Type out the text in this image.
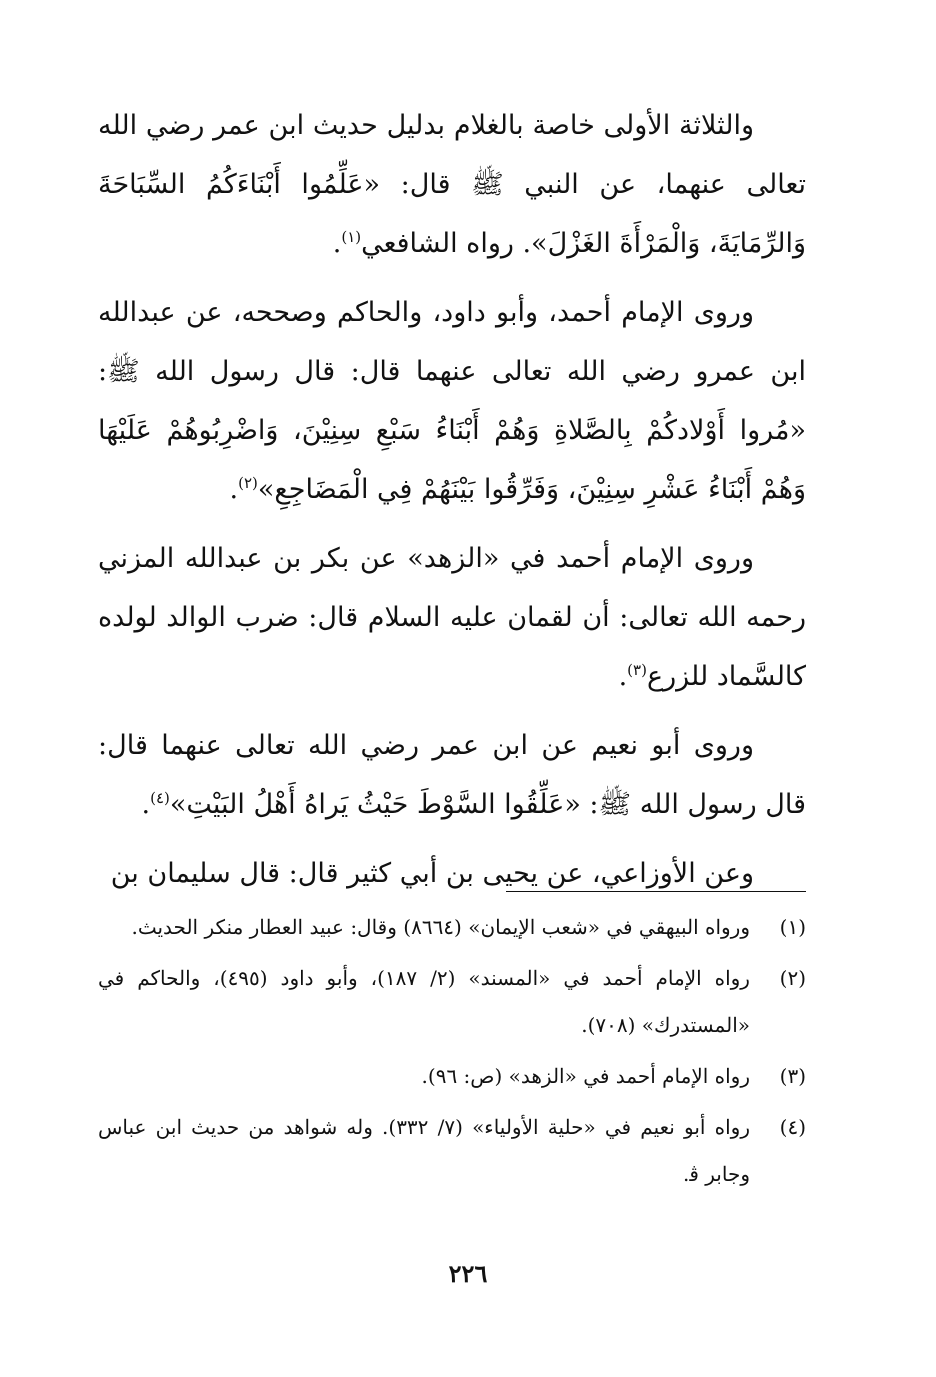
والثلاثة الأولى خاصة بالغلام بدليل حديث ابن عمر رضي الله تعالى عنهما، عن النبي ﷺ قال: «عَلِّمُوا أَبْنَاءَكُمُ السِّبَاحَةَ وَالرِّمَايَةَ، وَالْمَرْأَةَ الغَزْلَ». رواه الشافعي$^{(١)}$.

وروى الإمام أحمد، وأبو داود، والحاكم وصححه، عن عبدالله ابن عمرو رضي الله تعالى عنهما قال: قال رسول الله ﷺ: «مُروا أَوْلادكُمْ بِالصَّلاةِ وَهُمْ أَبْنَاءُ سَبْعِ سِنِيْنَ، وَاضْرِبُوهُمْ عَلَيْهَا وَهُمْ أَبْنَاءُ عَشْرِ سِنِيْنَ، وَفَرِّقُوا بَيْنَهُمْ فِي الْمَضَاجِعِ»$^{(٢)}$.

وروى الإمام أحمد في «الزهد» عن بكر بن عبدالله المزني رحمه الله تعالى: أن لقمان عليه السلام قال: ضرب الوالد لولده كالسَّماد للزرع$^{(٣)}$.

وروى أبو نعيم عن ابن عمر رضي الله تعالى عنهما قال: قال رسول الله ﷺ: «عَلِّقُوا السَّوْطَ حَيْثُ يَراهُ أَهْلُ البَيْتِ»$^{(٤)}$.

وعن الأوزاعي، عن يحيى بن أبي كثير قال: قال سليمان بن

(١)
ورواه البيهقي في «شعب الإيمان» (٨٦٦٤) وقال: عبيد العطار منكر الحديث.
(٢)
رواه الإمام أحمد في «المسند» (٢/ ١٨٧)، وأبو داود (٤٩٥)، والحاكم في «المستدرك» (٧٠٨).
(٣)
رواه الإمام أحمد في «الزهد» (ص: ٩٦).
(٤)
رواه أبو نعيم في «حلية الأولياء» (٧/ ٣٣٢). وله شواهد من حديث ابن عباس وجابر ﭬ.
٢٢٦
